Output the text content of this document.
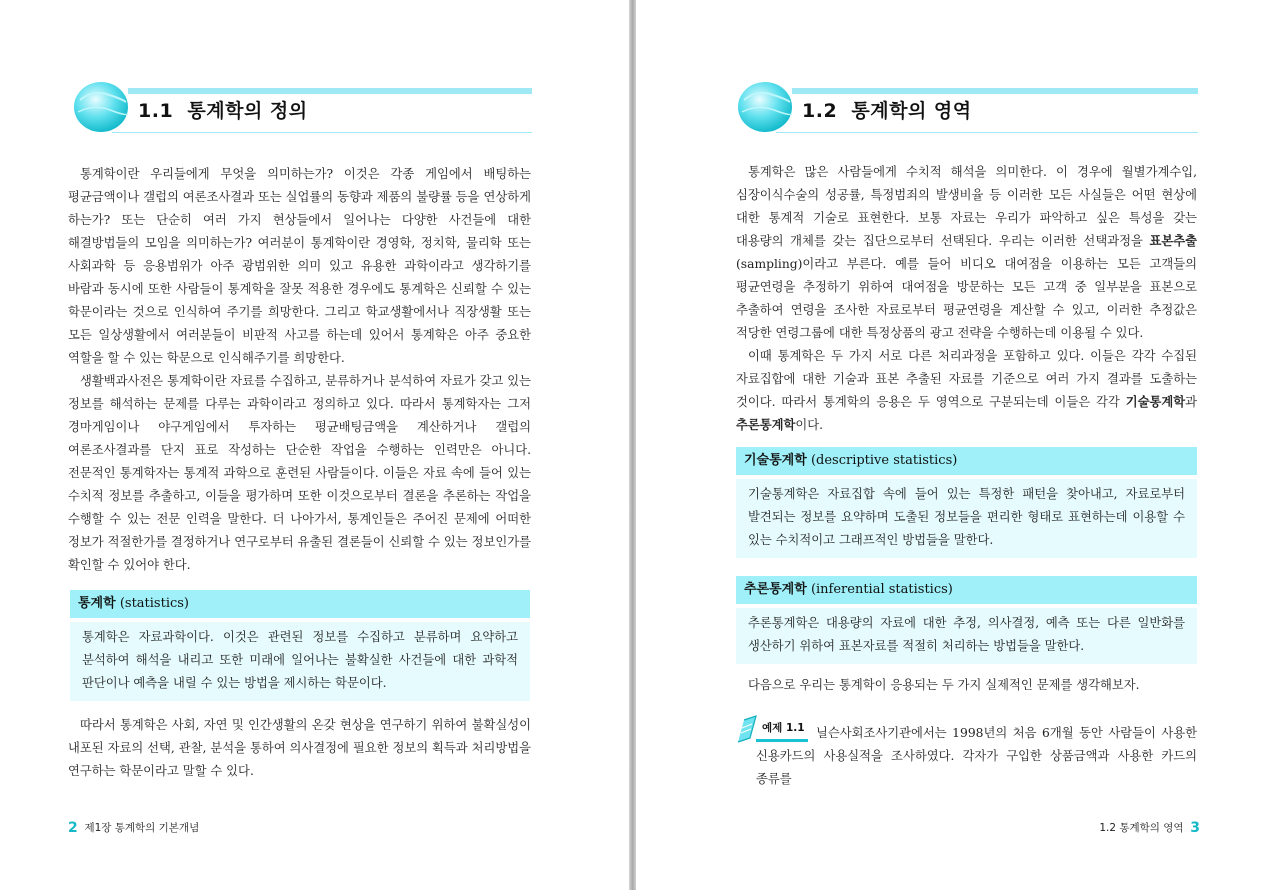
1.1 통계학의 정의

통계학이란 우리들에게 무엇을 의미하는가? 이것은 각종 게임에서 배팅하는 평균금액이나 갤럽의 여론조사결과 또는 실업률의 동향과 제품의 불량률 등을 연상하게 하는가? 또는 단순히 여러 가지 현상들에서 일어나는 다양한 사건들에 대한 해결방법들의 모임을 의미하는가? 여러분이 통계학이란 경영학, 정치학, 물리학 또는 사회과학 등 응용범위가 아주 광범위한 의미 있고 유용한 과학이라고 생각하기를 바람과 동시에 또한 사람들이 통계학을 잘못 적용한 경우에도 통계학은 신뢰할 수 있는 학문이라는 것으로 인식하여 주기를 희망한다. 그리고 학교생활에서나 직장생활 또는 모든 일상생활에서 여러분들이 비판적 사고를 하는데 있어서 통계학은 아주 중요한 역할을 할 수 있는 학문으로 인식해주기를 희망한다.

생활백과사전은 통계학이란 자료를 수집하고, 분류하거나 분석하여 자료가 갖고 있는 정보를 해석하는 문제를 다루는 과학이라고 정의하고 있다. 따라서 통계학자는 그저 경마게임이나 야구게임에서 투자하는 평균배팅금액을 계산하거나 갤럽의 여론조사결과를 단지 표로 작성하는 단순한 작업을 수행하는 인력만은 아니다. 전문적인 통계학자는 통계적 과학으로 훈련된 사람들이다. 이들은 자료 속에 들어 있는 수치적 정보를 추출하고, 이들을 평가하며 또한 이것으로부터 결론을 추론하는 작업을 수행할 수 있는 전문 인력을 말한다. 더 나아가서, 통계인들은 주어진 문제에 어떠한 정보가 적절한가를 결정하거나 연구로부터 유출된 결론들이 신뢰할 수 있는 정보인가를 확인할 수 있어야 한다.

통계학 (statistics)
통계학은 자료과학이다. 이것은 관련된 정보를 수집하고 분류하며 요약하고 분석하여 해석을 내리고 또한 미래에 일어나는 불확실한 사건들에 대한 과학적 판단이나 예측을 내릴 수 있는 방법을 제시하는 학문이다.

따라서 통계학은 사회, 자연 및 인간생활의 온갖 현상을 연구하기 위하여 불확실성이 내포된 자료의 선택, 관찰, 분석을 통하여 의사결정에 필요한 정보의 획득과 처리방법을 연구하는 학문이라고 말할 수 있다.

2 제1장 통계학의 기본개념
1.2 통계학의 영역

통계학은 많은 사람들에게 수치적 해석을 의미한다. 이 경우에 월별가계수입, 심장이식수술의 성공률, 특정범죄의 발생비율 등 이러한 모든 사실들은 어떤 현상에 대한 통계적 기술로 표현한다. 보통 자료는 우리가 파악하고 싶은 특성을 갖는 대용량의 개체를 갖는 집단으로부터 선택된다. 우리는 이러한 선택과정을 표본추출(sampling)이라고 부른다. 예를 들어 비디오 대여점을 이용하는 모든 고객들의 평균연령을 추정하기 위하여 대여점을 방문하는 모든 고객 중 일부분을 표본으로 추출하여 연령을 조사한 자료로부터 평균연령을 계산할 수 있고, 이러한 추정값은 적당한 연령그룹에 대한 특정상품의 광고 전략을 수행하는데 이용될 수 있다.

이때 통계학은 두 가지 서로 다른 처리과정을 포함하고 있다. 이들은 각각 수집된 자료집합에 대한 기술과 표본 추출된 자료를 기준으로 여러 가지 결과를 도출하는 것이다. 따라서 통계학의 응용은 두 영역으로 구분되는데 이들은 각각 기술통계학과 추론통계학이다.

기술통계학 (descriptive statistics)
기술통계학은 자료집합 속에 들어 있는 특정한 패턴을 찾아내고, 자료로부터 발견되는 정보를 요약하며 도출된 정보들을 편리한 형태로 표현하는데 이용할 수 있는 수치적이고 그래프적인 방법들을 말한다.
추론통계학 (inferential statistics)
추론통계학은 대용량의 자료에 대한 추정, 의사결정, 예측 또는 다른 일반화를 생산하기 위하여 표본자료를 적절히 처리하는 방법들을 말한다.

다음으로 우리는 통계학이 응용되는 두 가지 실제적인 문제를 생각해보자.

예제 1.1 닐슨사회조사기관에서는 1998년의 처음 6개월 동안 사람들이 사용한 신용카드의 사용실적을 조사하였다. 각자가 구입한 상품금액과 사용한 카드의 종류를

1.2 통계학의 영역 3
